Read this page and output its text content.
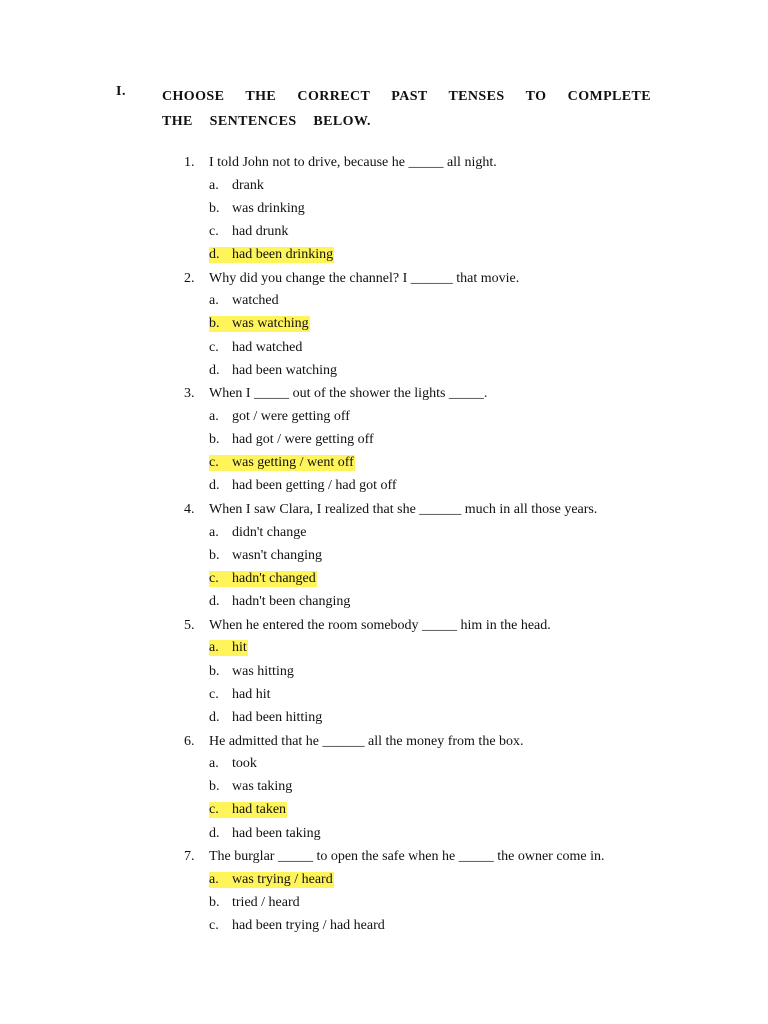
I.	CHOOSE THE CORRECT PAST TENSES TO COMPLETE THE SENTENCES BELOW.
1.	I told John not to drive, because he _____ all night.
a. drank
b. was drinking
c. had drunk
d. had been drinking
2.	Why did you change the channel? I ______ that movie.
a. watched
b. was watching
c. had watched
d. had been watching
3.	When I _____ out of the shower the lights _____.
a. got / were getting off
b. had got / were getting off
c. was getting / went off
d. had been getting / had got off
4.	When I saw Clara, I realized that she ______ much in all those years.
a. didn't change
b. wasn't changing
c. hadn't changed
d. hadn't been changing
5.	When he entered the room somebody _____ him in the head.
a. hit
b. was hitting
c. had hit
d. had been hitting
6.	He admitted that he ______ all the money from the box.
a. took
b. was taking
c. had taken
d. had been taking
7.	The burglar _____ to open the safe when he _____ the owner come in.
a. was trying / heard
b. tried / heard
c. had been trying / had heard
